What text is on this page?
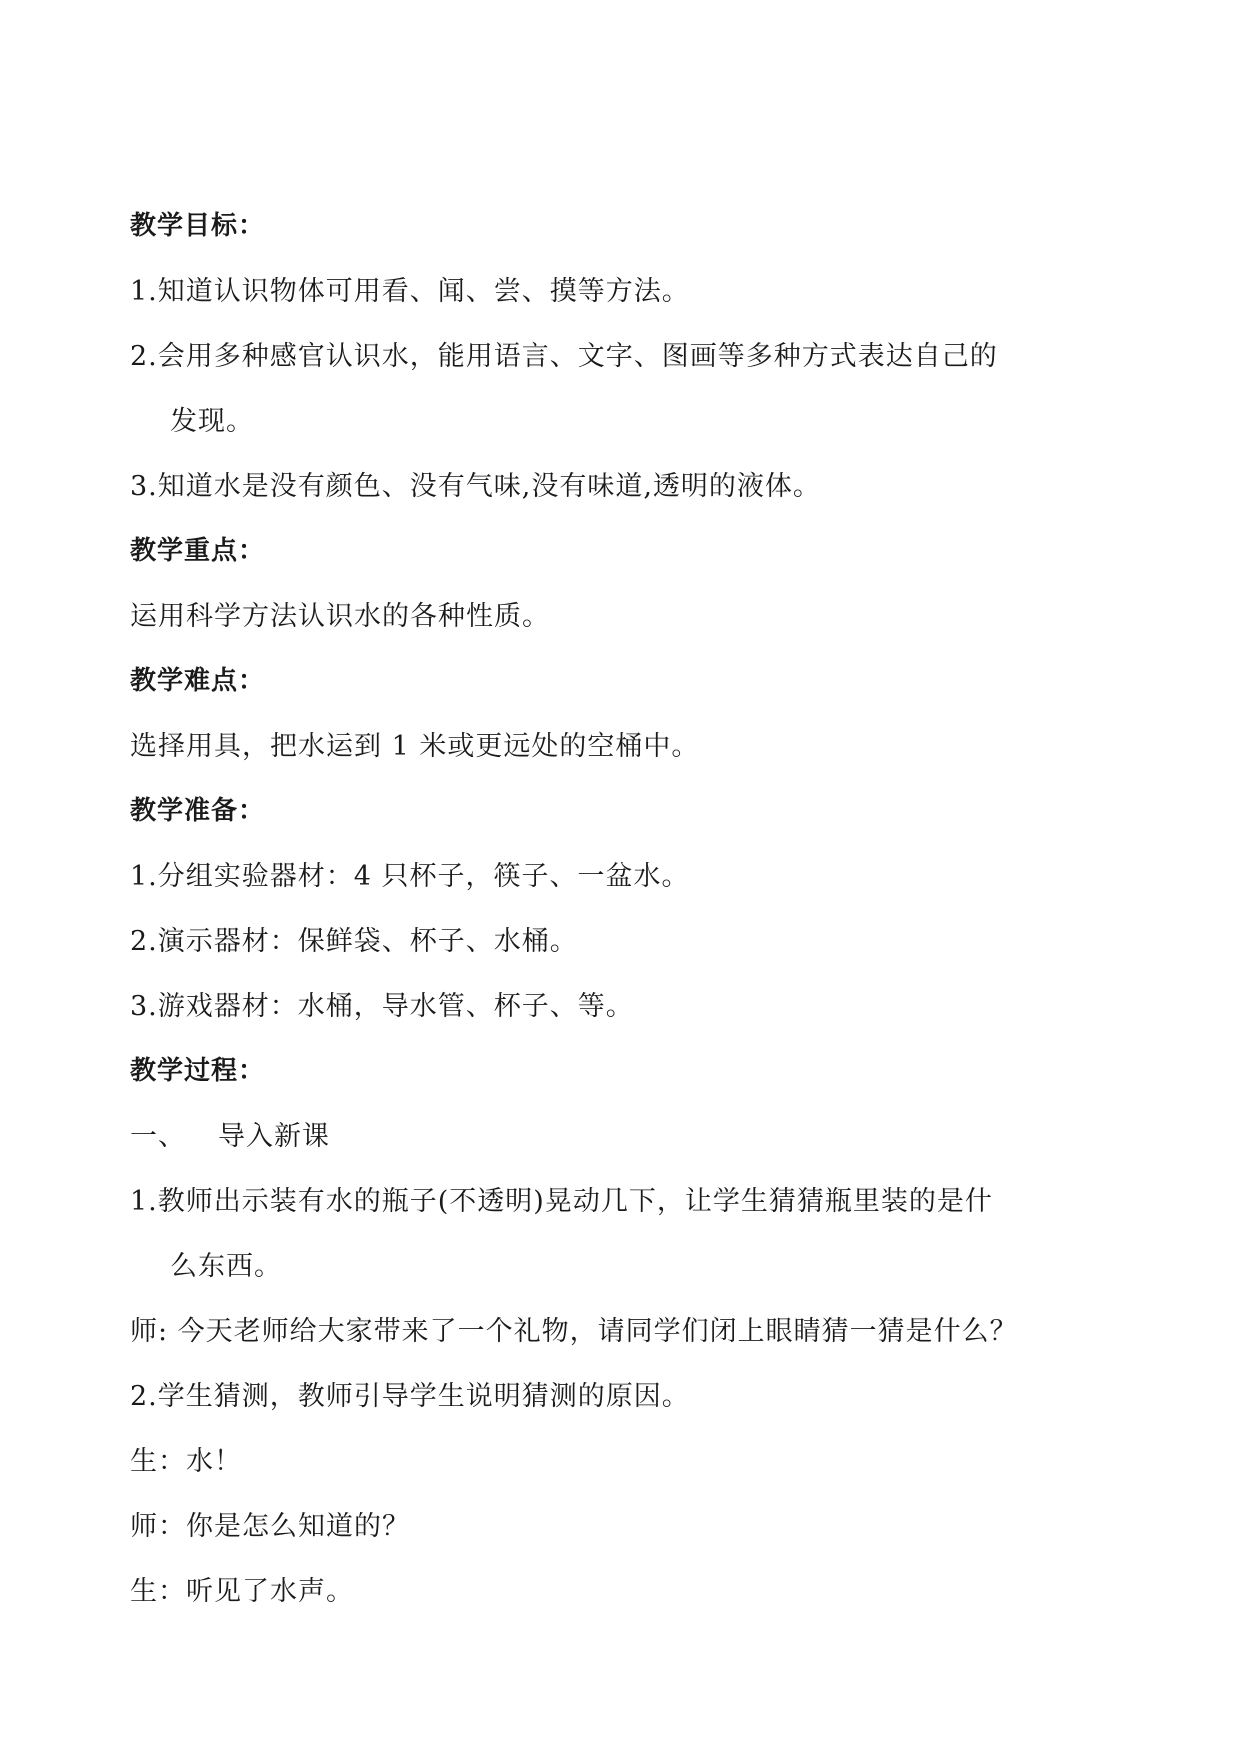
教学目标：
1.知道认识物体可用看、闻、尝、摸等方法。
2.会用多种感官认识水，能用语言、文字、图画等多种方式表达自己的
发现。
3.知道水是没有颜色、没有气味,没有味道,透明的液体。
教学重点：
运用科学方法认识水的各种性质。
教学难点：
选择用具，把水运到 1 米或更远处的空桶中。
教学准备：
1.分组实验器材：4 只杯子，筷子、一盆水。
2.演示器材：保鲜袋、杯子、水桶。
3.游戏器材：水桶，导水管、杯子、等。
教学过程：
一、 导入新课
1.教师出示装有水的瓶子(不透明)晃动几下，让学生猜猜瓶里装的是什
么东西。
师: 今天老师给大家带来了一个礼物，请同学们闭上眼睛猜一猜是什么？
2.学生猜测，教师引导学生说明猜测的原因。
生：水！
师：你是怎么知道的？
生：听见了水声。
